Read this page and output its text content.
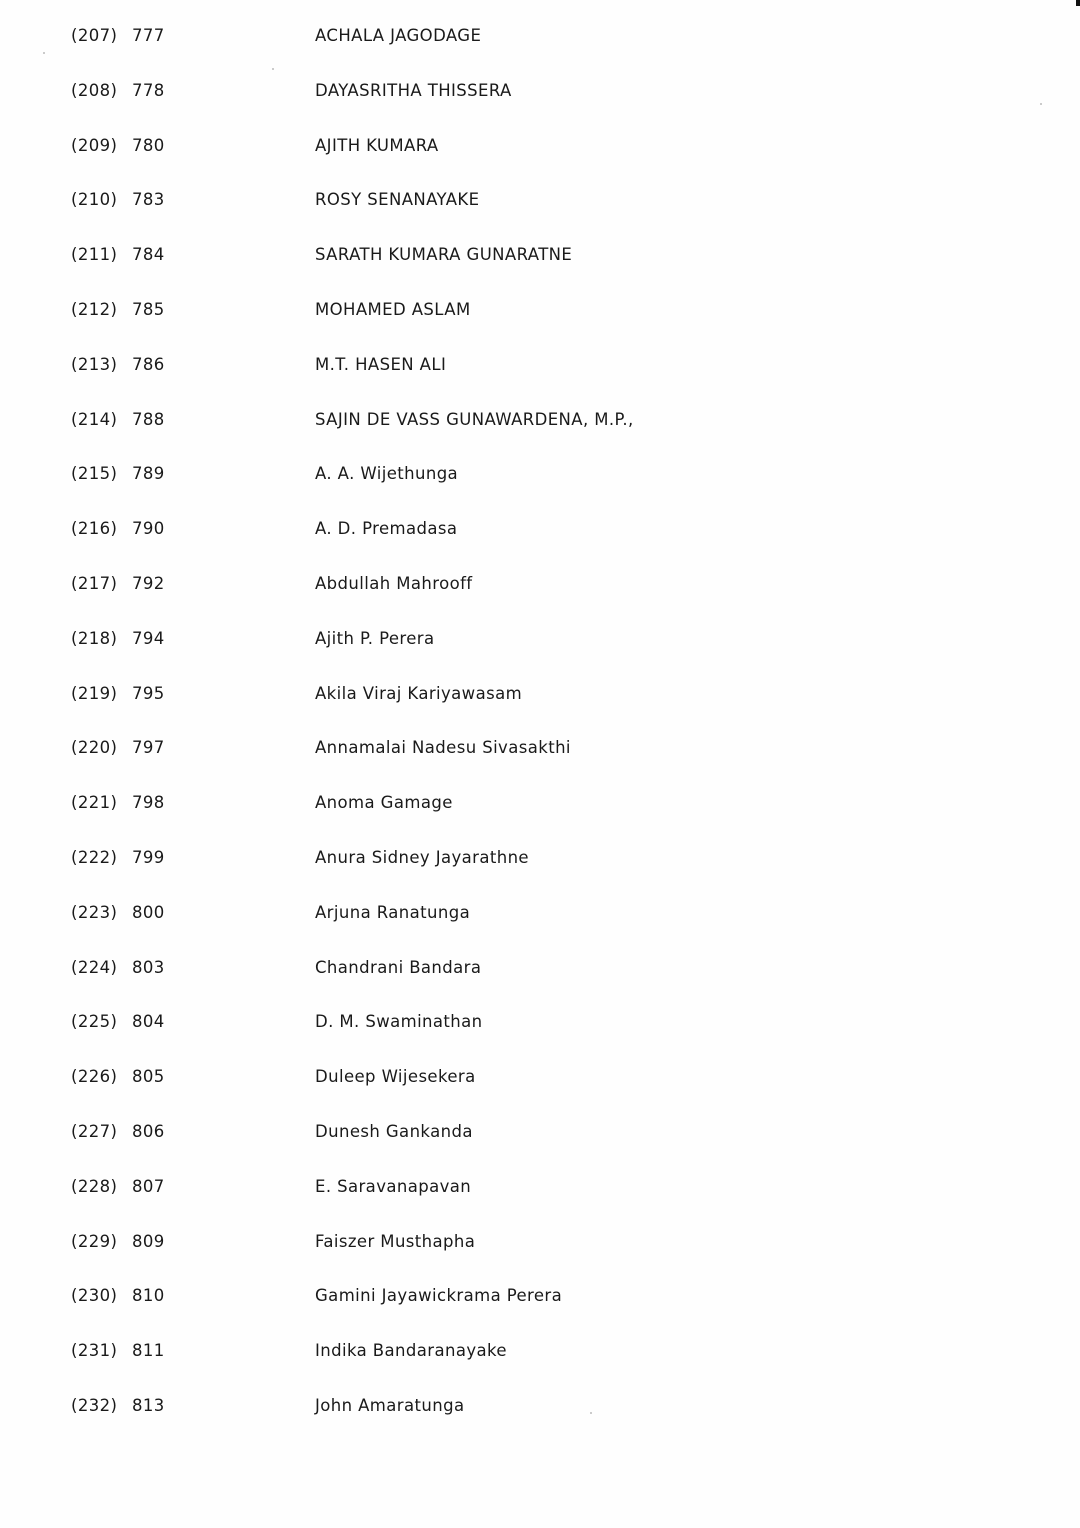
(207) 777	ACHALA JAGODAGE
(208) 778	DAYASRITHA THISSERA
(209) 780	AJITH KUMARA
(210) 783	ROSY SENANAYAKE
(211) 784	SARATH KUMARA GUNARATNE
(212) 785	MOHAMED ASLAM
(213) 786	M.T. HASEN ALI
(214) 788	SAJIN DE VASS GUNAWARDENA, M.P.,
(215) 789	A. A. Wijethunga
(216) 790	A. D. Premadasa
(217) 792	Abdullah Mahrooff
(218) 794	Ajith P. Perera
(219) 795	Akila Viraj Kariyawasam
(220) 797	Annamalai Nadesu Sivasakthi
(221) 798	Anoma Gamage
(222) 799	Anura Sidney Jayarathne
(223) 800	Arjuna Ranatunga
(224) 803	Chandrani Bandara
(225) 804	D. M. Swaminathan
(226) 805	Duleep Wijesekera
(227) 806	Dunesh Gankanda
(228) 807	E. Saravanapavan
(229) 809	Faiszer Musthapha
(230) 810	Gamini Jayawickrama Perera
(231) 811	Indika Bandaranayake
(232) 813	John Amaratunga
